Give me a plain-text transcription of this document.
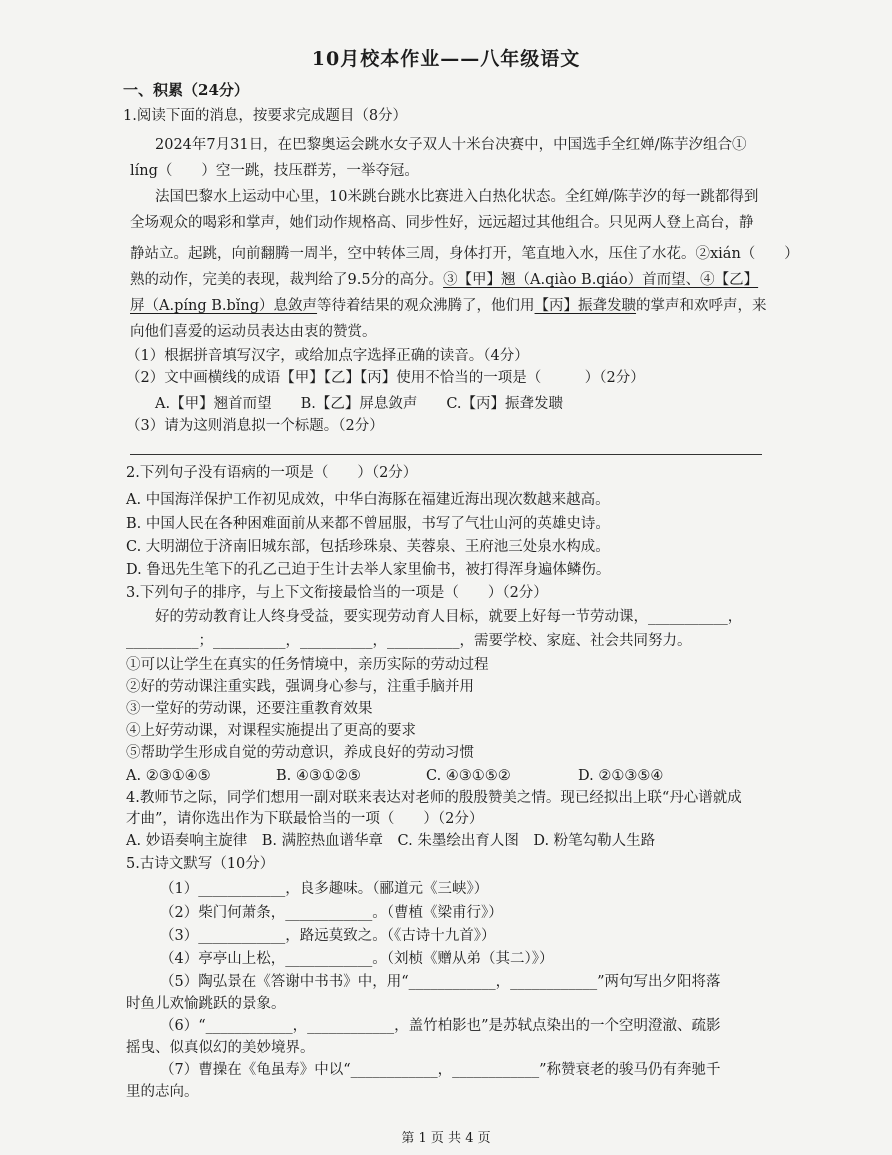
10月校本作业——八年级语文
一、积累（24分）
1.阅读下面的消息，按要求完成题目（8分）
2024年7月31日，在巴黎奥运会跳水女子双人十米台决赛中，中国选手全红婵/陈芋汐组合①
líng（　　）空一跳，技压群芳，一举夺冠。
法国巴黎水上运动中心里，10米跳台跳水比赛进入白热化状态。全红婵/陈芋汐的每一跳都得到
全场观众的喝彩和掌声，她们动作规格高、同步性好，远远超过其他组合。只见两人登上高台，静
静站立。起跳，向前翻腾一周半，空中转体三周，身体打开，笔直地入水，压住了水花。②xián（　　）
熟的动作，完美的表现，裁判给了9.5分的高分。③【甲】翘（A.qiào B.qiáo）首而望、④【乙】
屏（A.píng B.bǐng）息敛声等待着结果的观众沸腾了，他们用【丙】振聋发聩的掌声和欢呼声，来
向他们喜爱的运动员表达由衷的赞赏。
（1）根据拼音填写汉字，或给加点字选择正确的读音。（4分）
（2）文中画横线的成语【甲】【乙】【丙】使用不恰当的一项是（　　　）（2分）
A.【甲】翘首而望　　B.【乙】屏息敛声　　C.【丙】振聋发聩
（3）请为这则消息拟一个标题。（2分）
2.下列句子没有语病的一项是（　　）（2分）
A. 中国海洋保护工作初见成效，中华白海豚在福建近海出现次数越来越高。
B. 中国人民在各种困难面前从来都不曾屈服，书写了气壮山河的英雄史诗。
C. 大明湖位于济南旧城东部，包括珍珠泉、芙蓉泉、王府池三处泉水构成。
D. 鲁迅先生笔下的孔乙己迫于生计去举人家里偷书，被打得浑身遍体鳞伤。
3.下列句子的排序，与上下文衔接最恰当的一项是（　　）（2分）
好的劳动教育让人终身受益，要实现劳动育人目标，就要上好每一节劳动课，___________，
__________；__________，__________，__________，需要学校、家庭、社会共同努力。
①可以让学生在真实的任务情境中，亲历实际的劳动过程
②好的劳动课注重实践，强调身心参与，注重手脑并用
③一堂好的劳动课，还要注重教育效果
④上好劳动课，对课程实施提出了更高的要求
⑤帮助学生形成自觉的劳动意识，养成良好的劳动习惯
A. ②③①④⑤	B. ④③①②⑤	C. ④③①⑤②	D. ②①③⑤④
4.教师节之际，同学们想用一副对联来表达对老师的殷殷赞美之情。现已经拟出上联“丹心谱就成
才曲”，请你选出作为下联最恰当的一项（　　）（2分）
A. 妙语奏响主旋律　B. 满腔热血谱华章　C. 朱墨绘出育人图　D. 粉笔勾勒人生路
5.古诗文默写（10分）
（1）____________，良多趣味。（郦道元《三峡》）
（2）柴门何萧条，____________。（曹植《梁甫行》）
（3）____________，路远莫致之。（《古诗十九首》）
（4）亭亭山上松，____________。（刘桢《赠从弟（其二）》）
（5）陶弘景在《答谢中书书》中，用“____________，____________”两句写出夕阳将落
时鱼儿欢愉跳跃的景象。
（6）“____________，____________，盖竹柏影也”是苏轼点染出的一个空明澄澈、疏影
摇曳、似真似幻的美妙境界。
（7）曹操在《龟虽寿》中以“____________，____________”称赞衰老的骏马仍有奔驰千
里的志向。
第 1 页 共 4 页
